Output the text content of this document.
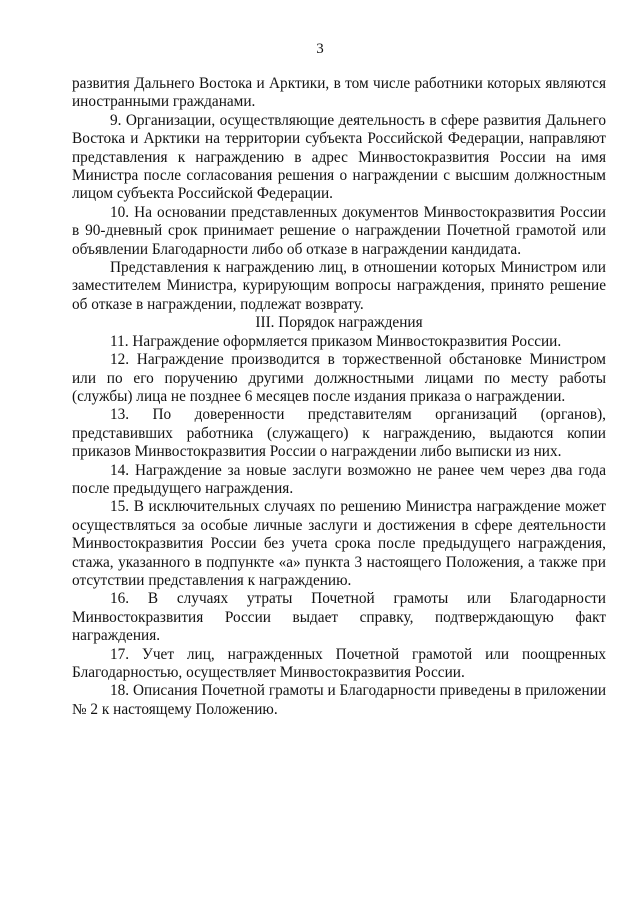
3

развития Дальнего Востока и Арктики, в том числе работники которых являются иностранными гражданами.

9. Организации, осуществляющие деятельность в сфере развития Дальнего Востока и Арктики на территории субъекта Российской Федерации, направляют представления к награждению в адрес Минвостокразвития России на имя Министра после согласования решения о награждении с высшим должностным лицом субъекта Российской Федерации.

10. На основании представленных документов Минвостокразвития России в 90-дневный срок принимает решение о награждении Почетной грамотой или объявлении Благодарности либо об отказе в награждении кандидата.

Представления к награждению лиц, в отношении которых Министром или заместителем Министра, курирующим вопросы награждения, принято решение об отказе в награждении, подлежат возврату.

III. Порядок награждения

11. Награждение оформляется приказом Минвостокразвития России.

12. Награждение производится в торжественной обстановке Министром или по его поручению другими должностными лицами по месту работы (службы) лица не позднее 6 месяцев после издания приказа о награждении.

13. По доверенности представителям организаций (органов), представивших работника (служащего) к награждению, выдаются копии приказов Минвостокразвития России о награждении либо выписки из них.

14. Награждение за новые заслуги возможно не ранее чем через два года после предыдущего награждения.

15. В исключительных случаях по решению Министра награждение может осуществляться за особые личные заслуги и достижения в сфере деятельности Минвостокразвития России без учета срока после предыдущего награждения, стажа, указанного в подпункте «а» пункта 3 настоящего Положения, а также при отсутствии представления к награждению.

16. В случаях утраты Почетной грамоты или Благодарности Минвостокразвития России выдает справку, подтверждающую факт награждения.

17. Учет лиц, награжденных Почетной грамотой или поощренных Благодарностью, осуществляет Минвостокразвития России.

18. Описания Почетной грамоты и Благодарности приведены в приложении № 2 к настоящему Положению.
